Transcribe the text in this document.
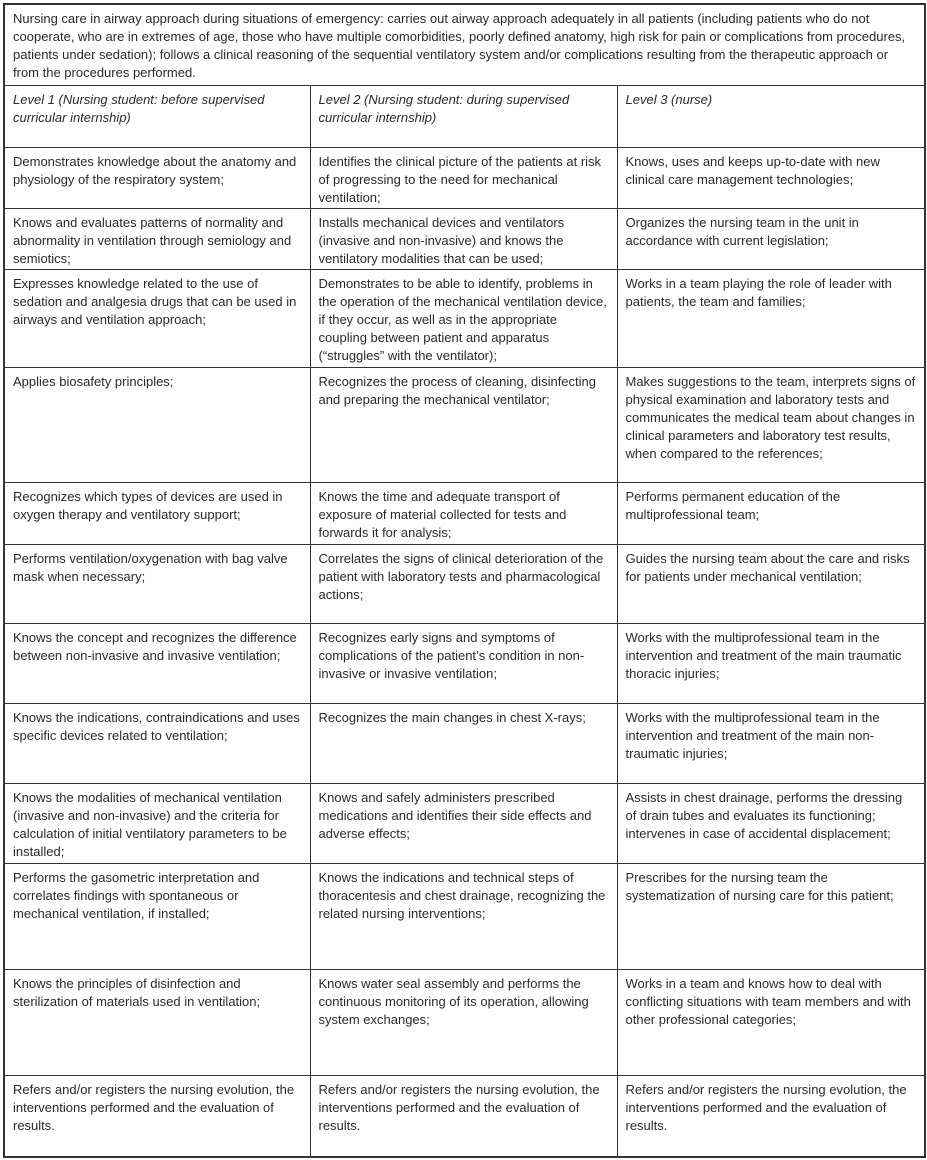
Nursing care in airway approach during situations of emergency: carries out airway approach adequately in all patients (including patients who do not cooperate, who are in extremes of age, those who have multiple comorbidities, poorly defined anatomy, high risk for pain or complications from procedures, patients under sedation); follows a clinical reasoning of the sequential ventilatory system and/or complications resulting from the therapeutic approach or from the procedures performed.		
Level 1 (Nursing student: before supervised curricular internship)	Level 2 (Nursing student: during supervised curricular internship)	Level 3 (nurse)
Demonstrates knowledge about the anatomy and physiology of the respiratory system;	Identifies the clinical picture of the patients at risk of progressing to the need for mechanical ventilation;	Knows, uses and keeps up-to-date with new clinical care management technologies;
Knows and evaluates patterns of normality and abnormality in ventilation through semiology and semiotics;	Installs mechanical devices and ventilators (invasive and non-invasive) and knows the ventilatory modalities that can be used;	Organizes the nursing team in the unit in accordance with current legislation;
Expresses knowledge related to the use of sedation and analgesia drugs that can be used in airways and ventilation approach;	Demonstrates to be able to identify, problems in the operation of the mechanical ventilation device, if they occur, as well as in the appropriate coupling between patient and apparatus (“struggles” with the ventilator);	Works in a team playing the role of leader with patients, the team and families;
Applies biosafety principles;	Recognizes the process of cleaning, disinfecting and preparing the mechanical ventilator;	Makes suggestions to the team, interprets signs of physical examination and laboratory tests and communicates the medical team about changes in clinical parameters and laboratory test results, when compared to the references;
Recognizes which types of devices are used in oxygen therapy and ventilatory support;	Knows the time and adequate transport of exposure of material collected for tests and forwards it for analysis;	Performs permanent education of the multiprofessional team;
Performs ventilation/oxygenation with bag valve mask when necessary;	Correlates the signs of clinical deterioration of the patient with laboratory tests and pharmacological actions;	Guides the nursing team about the care and risks for patients under mechanical ventilation;
Knows the concept and recognizes the difference between non-invasive and invasive ventilation;	Recognizes early signs and symptoms of complications of the patient’s condition in non-invasive or invasive ventilation;	Works with the multiprofessional team in the intervention and treatment of the main traumatic thoracic injuries;
Knows the indications, contraindications and uses specific devices related to ventilation;	Recognizes the main changes in chest X-rays;	Works with the multiprofessional team in the intervention and treatment of the main non-traumatic injuries;
Knows the modalities of mechanical ventilation (invasive and non-invasive) and the criteria for calculation of initial ventilatory parameters to be installed;	Knows and safely administers prescribed medications and identifies their side effects and adverse effects;	Assists in chest drainage, performs the dressing of drain tubes and evaluates its functioning; intervenes in case of accidental displacement;
Performs the gasometric interpretation and correlates findings with spontaneous or mechanical ventilation, if installed;	Knows the indications and technical steps of thoracentesis and chest drainage, recognizing the related nursing interventions;	Prescribes for the nursing team the systematization of nursing care for this patient;
Knows the principles of disinfection and sterilization of materials used in ventilation;	Knows water seal assembly and performs the continuous monitoring of its operation, allowing system exchanges;	Works in a team and knows how to deal with conflicting situations with team members and with other professional categories;
Refers and/or registers the nursing evolution, the interventions performed and the evaluation of results.	Refers and/or registers the nursing evolution, the interventions performed and the evaluation of results.	Refers and/or registers the nursing evolution, the interventions performed and the evaluation of results.
